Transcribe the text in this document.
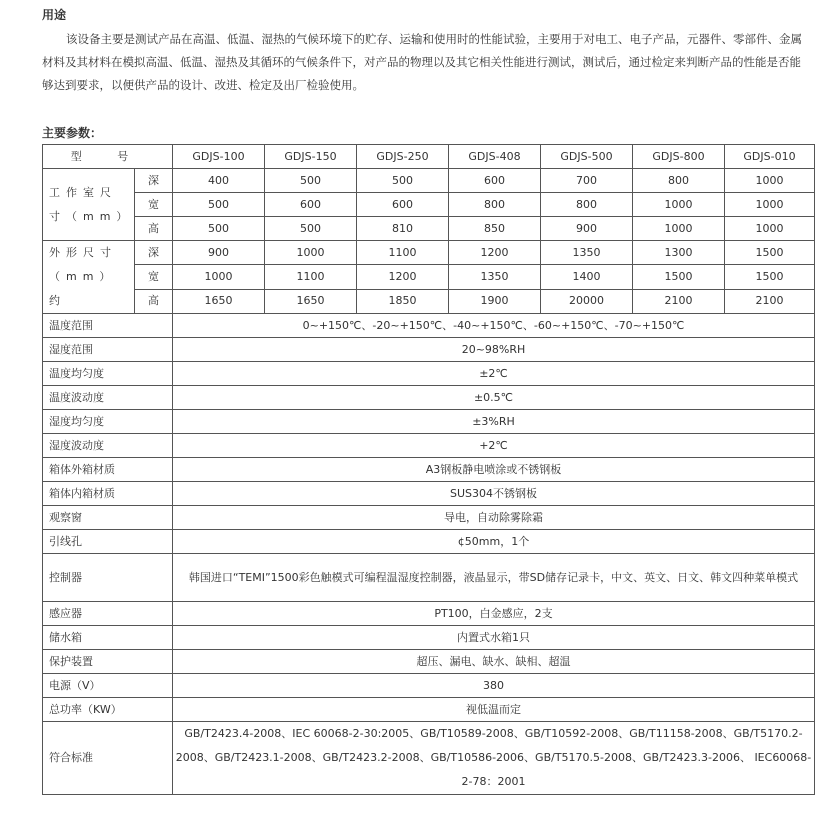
用途

该设备主要是测试产品在高温、低温、湿热的气候环境下的贮存、运输和使用时的性能试验，主要用于对电工、电子产品，元器件、零部件、金属材料及其材料在模拟高温、低温、湿热及其循环的气候条件下，对产品的物理以及其它相关性能进行测试，测试后，通过检定来判断产品的性能是否能够达到要求，以便供产品的设计、改进、检定及出厂检验使用。

主要参数：
型 号		GDJS-100	GDJS-150	GDJS-250	GDJS-408	GDJS-500	GDJS-800	GDJS-010
工作室尺寸（mm）	深	400	500	500	600	700	800	1000
	宽	500	600	600	800	800	1000	1000
	高	500	500	810	850	900	1000	1000
外形尺寸（mm）约	深	900	1000	1100	1200	1350	1300	1500
	宽	1000	1100	1200	1350	1400	1500	1500
	高	1650	1650	1850	1900	20000	2100	2100
温度范围		0~+150℃、-20~+150℃、-40~+150℃、-60~+150℃、-70~+150℃						
湿度范围		20~98%RH						
温度均匀度		±2℃						
温度波动度		±0.5℃						
湿度均匀度		±3%RH						
湿度波动度		+2℃						
箱体外箱材质		A3钢板静电喷涂或不锈钢板						
箱体内箱材质		SUS304不锈钢板						
观察窗		导电，自动除雾除霜						
引线孔		¢50mm，1个						
控制器		韩国进口“TEMI”1500彩色触模式可编程温湿度控制器，液晶显示，带SD储存记录卡，中文、英文、日文、韩文四种菜单模式						
感应器		PT100，白金感应，2支						
储水箱		内置式水箱1只						
保护装置		超压、漏电、缺水、缺相、超温						
电源（V）		380						
总功率（KW）		视低温而定						
符合标准		GB/T2423.4-2008、IEC 60068-2-30:2005、GB/T10589-2008、GB/T10592-2008、GB/T11158-2008、GB/T5170.2-2008、GB/T2423.1-2008、GB/T2423.2-2008、GB/T10586-2006、GB/T5170.5-2008、GB/T2423.3-2006、 IEC60068-2-78：2001						
